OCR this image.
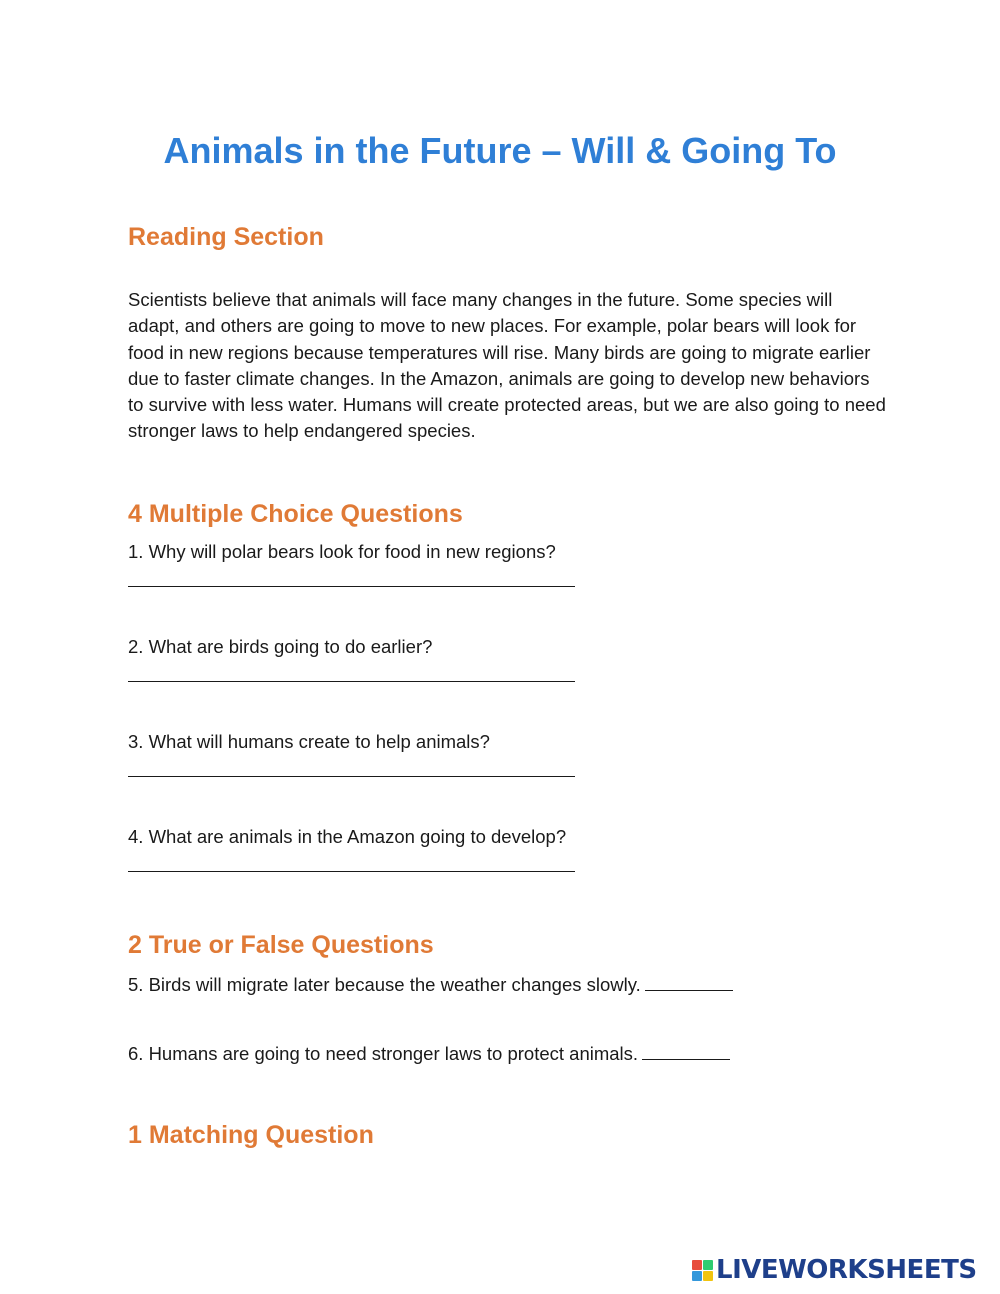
Animals in the Future – Will & Going To
Reading Section

Scientists believe that animals will face many changes in the future. Some species will adapt, and others are going to move to new places. For example, polar bears will look for food in new regions because temperatures will rise. Many birds are going to migrate earlier due to faster climate changes. In the Amazon, animals are going to develop new behaviors to survive with less water. Humans will create protected areas, but we are also going to need stronger laws to help endangered species.

4 Multiple Choice Questions

1. Why will polar bears look for food in new regions?

2. What are birds going to do earlier?

3. What will humans create to help animals?

4. What are animals in the Amazon going to develop?

2 True or False Questions

5. Birds will migrate later because the weather changes slowly.

6. Humans are going to need stronger laws to protect animals.

1 Matching Question
LIVEWORKSHEETS
